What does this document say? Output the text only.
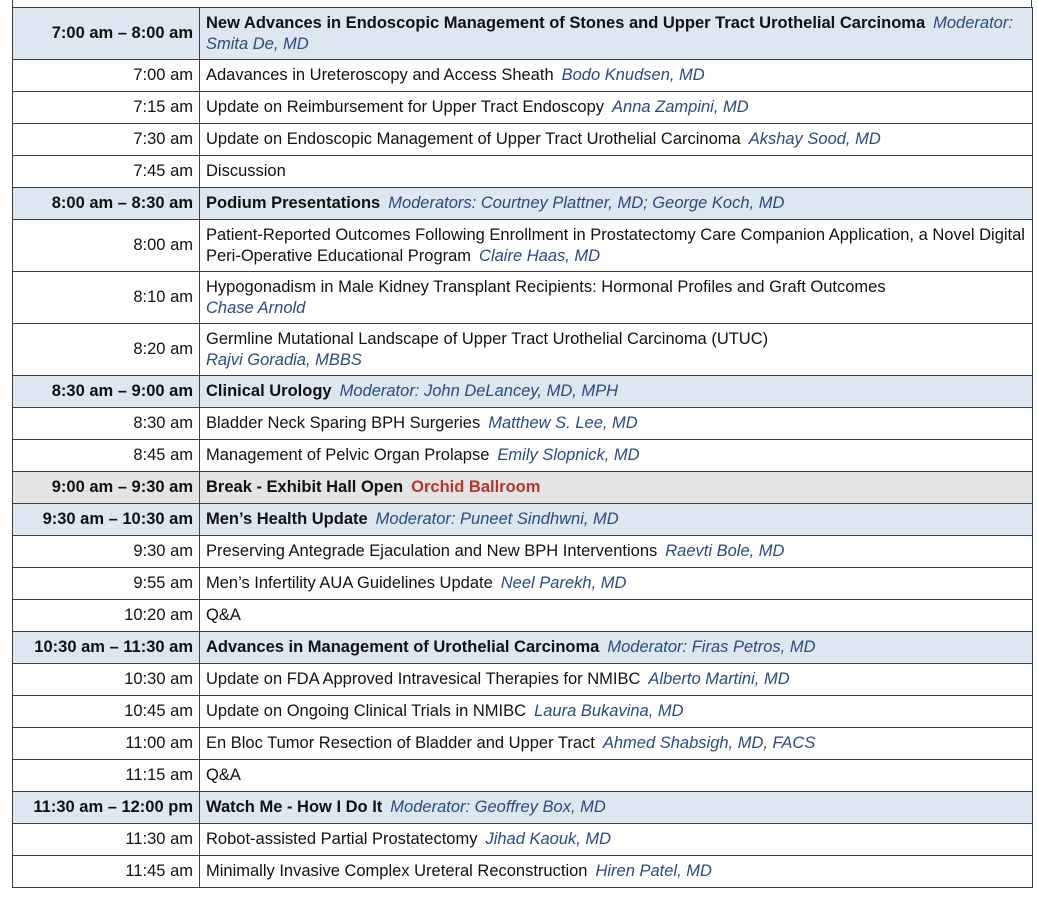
7:00 am – 8:00 am	New Advances in Endoscopic Management of Stones and Upper Tract Urothelial Carcinoma Moderator: Smita De, MD
7:00 am	Adavances in Ureteroscopy and Access Sheath Bodo Knudsen, MD
7:15 am	Update on Reimbursement for Upper Tract Endoscopy Anna Zampini, MD
7:30 am	Update on Endoscopic Management of Upper Tract Urothelial Carcinoma Akshay Sood, MD
7:45 am	Discussion
8:00 am – 8:30 am	Podium Presentations Moderators: Courtney Plattner, MD; George Koch, MD
8:00 am	Patient-Reported Outcomes Following Enrollment in Prostatectomy Care Companion Application, a Novel Digital Peri-Operative Educational Program Claire Haas, MD
8:10 am	Hypogonadism in Male Kidney Transplant Recipients: Hormonal Profiles and Graft Outcomes
Chase Arnold

8:20 am	Germline Mutational Landscape of Upper Tract Urothelial Carcinoma (UTUC)
Rajvi Goradia, MBBS

8:30 am – 9:00 am	Clinical Urology Moderator: John DeLancey, MD, MPH
8:30 am	Bladder Neck Sparing BPH Surgeries Matthew S. Lee, MD
8:45 am	Management of Pelvic Organ Prolapse Emily Slopnick, MD
9:00 am – 9:30 am	Break - Exhibit Hall Open Orchid Ballroom
9:30 am – 10:30 am	Men’s Health Update Moderator: Puneet Sindhwni, MD
9:30 am	Preserving Antegrade Ejaculation and New BPH Interventions Raevti Bole, MD
9:55 am	Men’s Infertility AUA Guidelines Update Neel Parekh, MD
10:20 am	Q&A
10:30 am – 11:30 am	Advances in Management of Urothelial Carcinoma Moderator: Firas Petros, MD
10:30 am	Update on FDA Approved Intravesical Therapies for NMIBC Alberto Martini, MD
10:45 am	Update on Ongoing Clinical Trials in NMIBC Laura Bukavina, MD
11:00 am	En Bloc Tumor Resection of Bladder and Upper Tract Ahmed Shabsigh, MD, FACS
11:15 am	Q&A
11:30 am – 12:00 pm	Watch Me - How I Do It Moderator: Geoffrey Box, MD
11:30 am	Robot-assisted Partial Prostatectomy Jihad Kaouk, MD
11:45 am	Minimally Invasive Complex Ureteral Reconstruction Hiren Patel, MD
